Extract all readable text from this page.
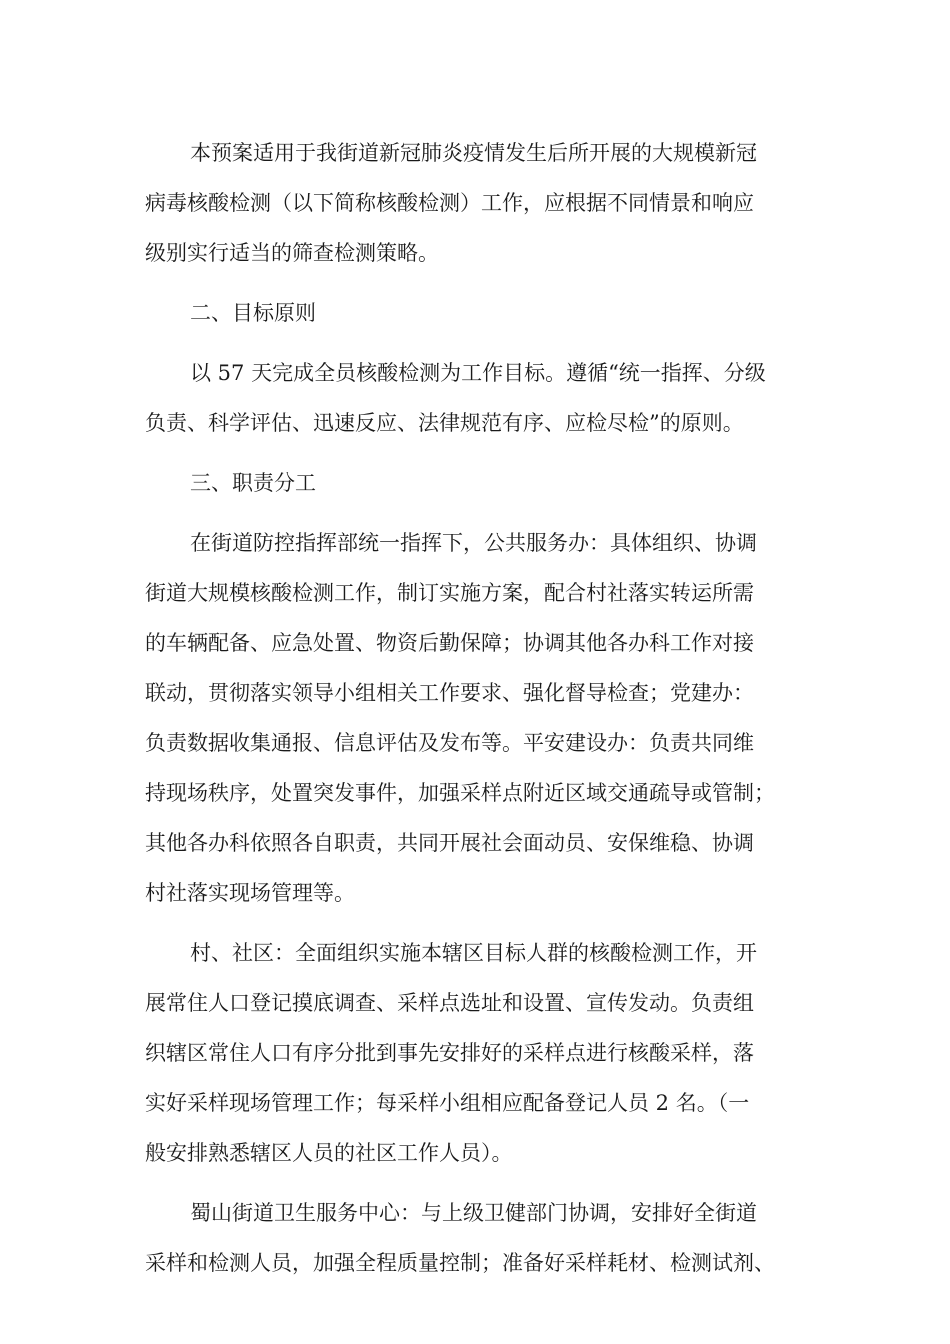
本预案适用于我街道新冠肺炎疫情发生后所开展的大规模新冠
病毒核酸检测（以下简称核酸检测）工作，应根据不同情景和响应
级别实行适当的筛查检测策略。
二、目标原则
以 57 天完成全员核酸检测为工作目标。遵循“统一指挥、分级
负责、科学评估、迅速反应、法律规范有序、应检尽检”的原则。
三、职责分工
在街道防控指挥部统一指挥下，公共服务办：具体组织、协调
街道大规模核酸检测工作，制订实施方案，配合村社落实转运所需
的车辆配备、应急处置、物资后勤保障；协调其他各办科工作对接
联动，贯彻落实领导小组相关工作要求、强化督导检查；党建办：
负责数据收集通报、信息评估及发布等。平安建设办：负责共同维
持现场秩序，处置突发事件，加强采样点附近区域交通疏导或管制；
其他各办科依照各自职责，共同开展社会面动员、安保维稳、协调
村社落实现场管理等。
村、社区：全面组织实施本辖区目标人群的核酸检测工作，开
展常住人口登记摸底调查、采样点选址和设置、宣传发动。负责组
织辖区常住人口有序分批到事先安排好的采样点进行核酸采样，落
实好采样现场管理工作；每采样小组相应配备登记人员 2 名。（一
般安排熟悉辖区人员的社区工作人员）。
蜀山街道卫生服务中心：与上级卫健部门协调，安排好全街道
采样和检测人员，加强全程质量控制；准备好采样耗材、检测试剂、
